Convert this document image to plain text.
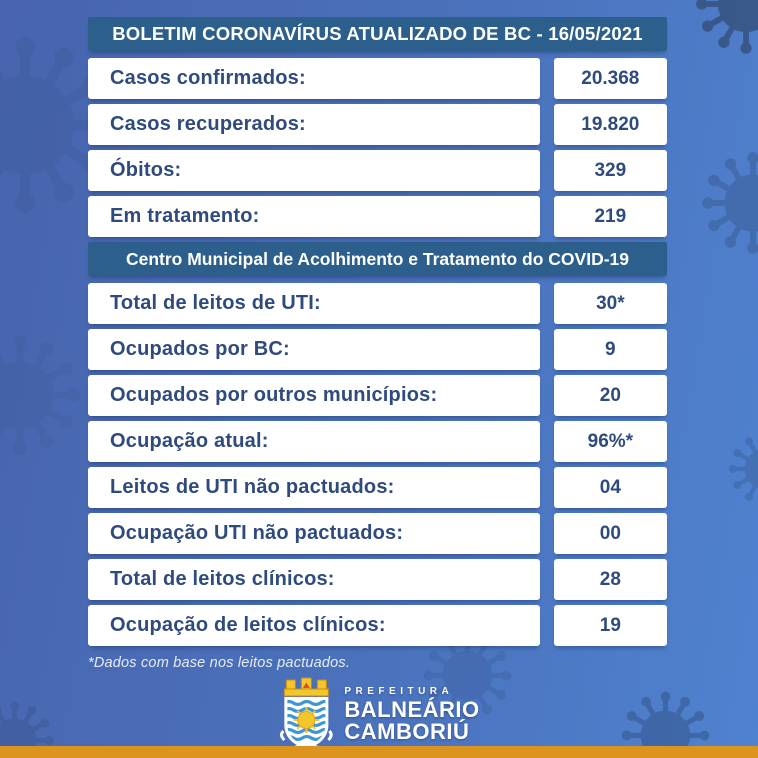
BOLETIM CORONAVÍRUS ATUALIZADO DE BC - 16/05/2021
Casos confirmados:	20.368
Casos recuperados:	19.820
Óbitos:	329
Em tratamento:	219
Centro Municipal de Acolhimento e Tratamento do COVID-19
Total de leitos de UTI:	30*
Ocupados por BC:	9
Ocupados por outros municípios:	20
Ocupação atual:	96%*
Leitos de UTI não pactuados:	04
Ocupação UTI não pactuados:	00
Total de leitos clínicos:	28
Ocupação de leitos clínicos:	19
*Dados com base nos leitos pactuados.
PREFEITURA
BALNEÁRIO
CAMBORIÚ
